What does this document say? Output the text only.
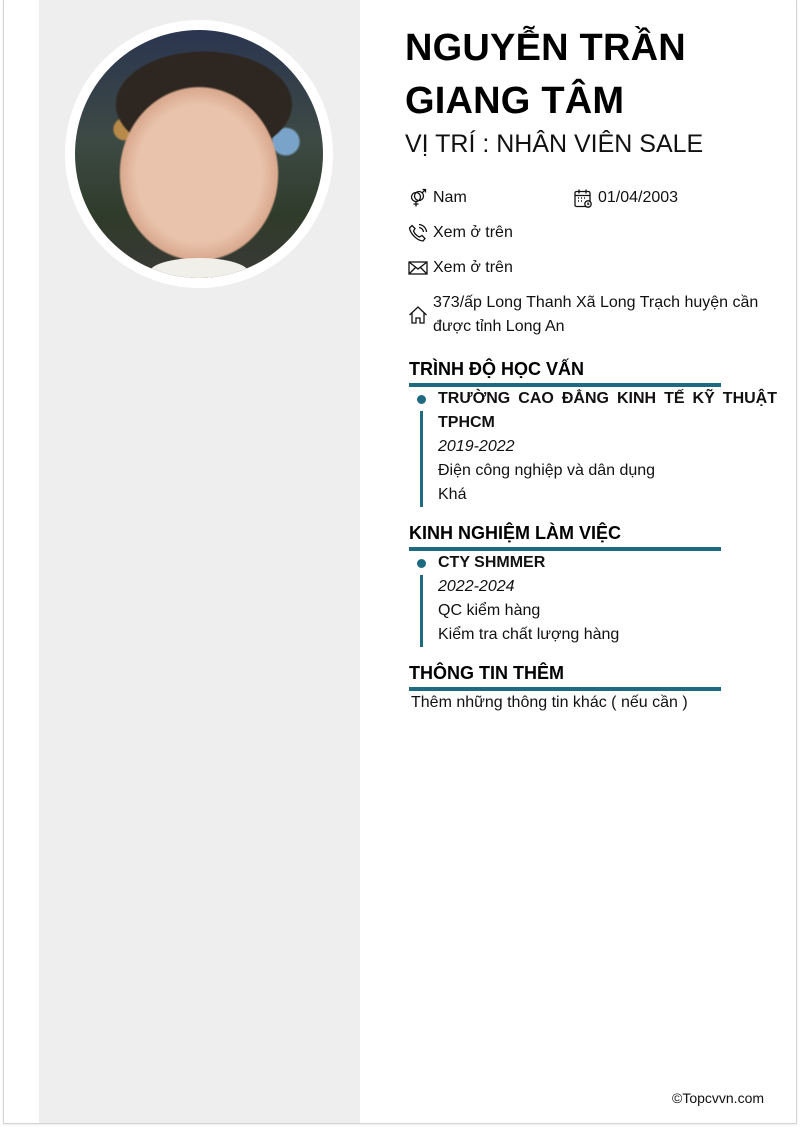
NGUYỄN TRẦN GIANG TÂM
VỊ TRÍ : NHÂN VIÊN SALE
Nam	01/04/2003
Xem ở trên
Xem ở trên
373/ấp Long Thanh Xã Long Trạch huyện cần được tỉnh Long An
TRÌNH ĐỘ HỌC VẤN
TRƯỜNG CAO ĐẲNG KINH TẾ KỸ THUẬT TPHCM
2019-2022
Điện công nghiệp và dân dụng
Khá
KINH NGHIỆM LÀM VIỆC
CTY SHMMER
2022-2024
QC kiểm hàng
Kiểm tra chất lượng hàng
THÔNG TIN THÊM
Thêm những thông tin khác ( nếu cần )
©Topcvvn.com
